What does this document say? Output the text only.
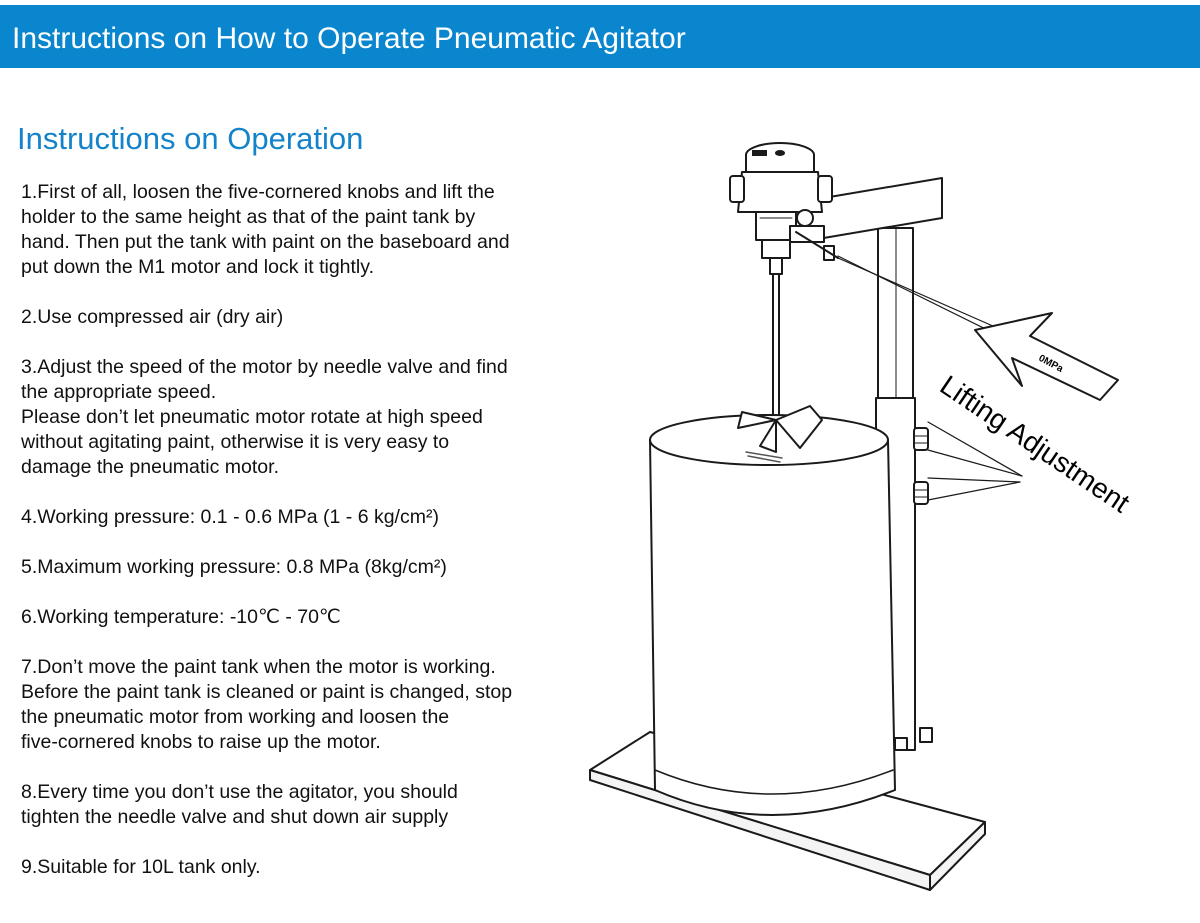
Instructions on How to Operate Pneumatic Agitator
Instructions on Operation
1.First of all, loosen the five-cornered knobs and lift the
holder to the same height as that of the paint tank by
hand. Then put the tank with paint on the baseboard and
put down the M1 motor and lock it tightly.
2.Use compressed air (dry air)
3.Adjust the speed of the motor by needle valve and find
the appropriate speed.
Please don’t let pneumatic motor rotate at high speed
without agitating paint, otherwise it is very easy to
damage the pneumatic motor.
4.Working pressure: 0.1 - 0.6 MPa (1 - 6 kg/cm²)
5.Maximum working pressure: 0.8 MPa (8kg/cm²)
6.Working temperature: -10℃ - 70℃
7.Don’t move the paint tank when the motor is working.
Before the paint tank is cleaned or paint is changed, stop
the pneumatic motor from working and loosen the
five-cornered knobs to raise up the motor.
8.Every time you don’t use the agitator, you should
tighten the needle valve and shut down air supply
9.Suitable for 10L tank only.
0MPa
Lifting Adjustment
